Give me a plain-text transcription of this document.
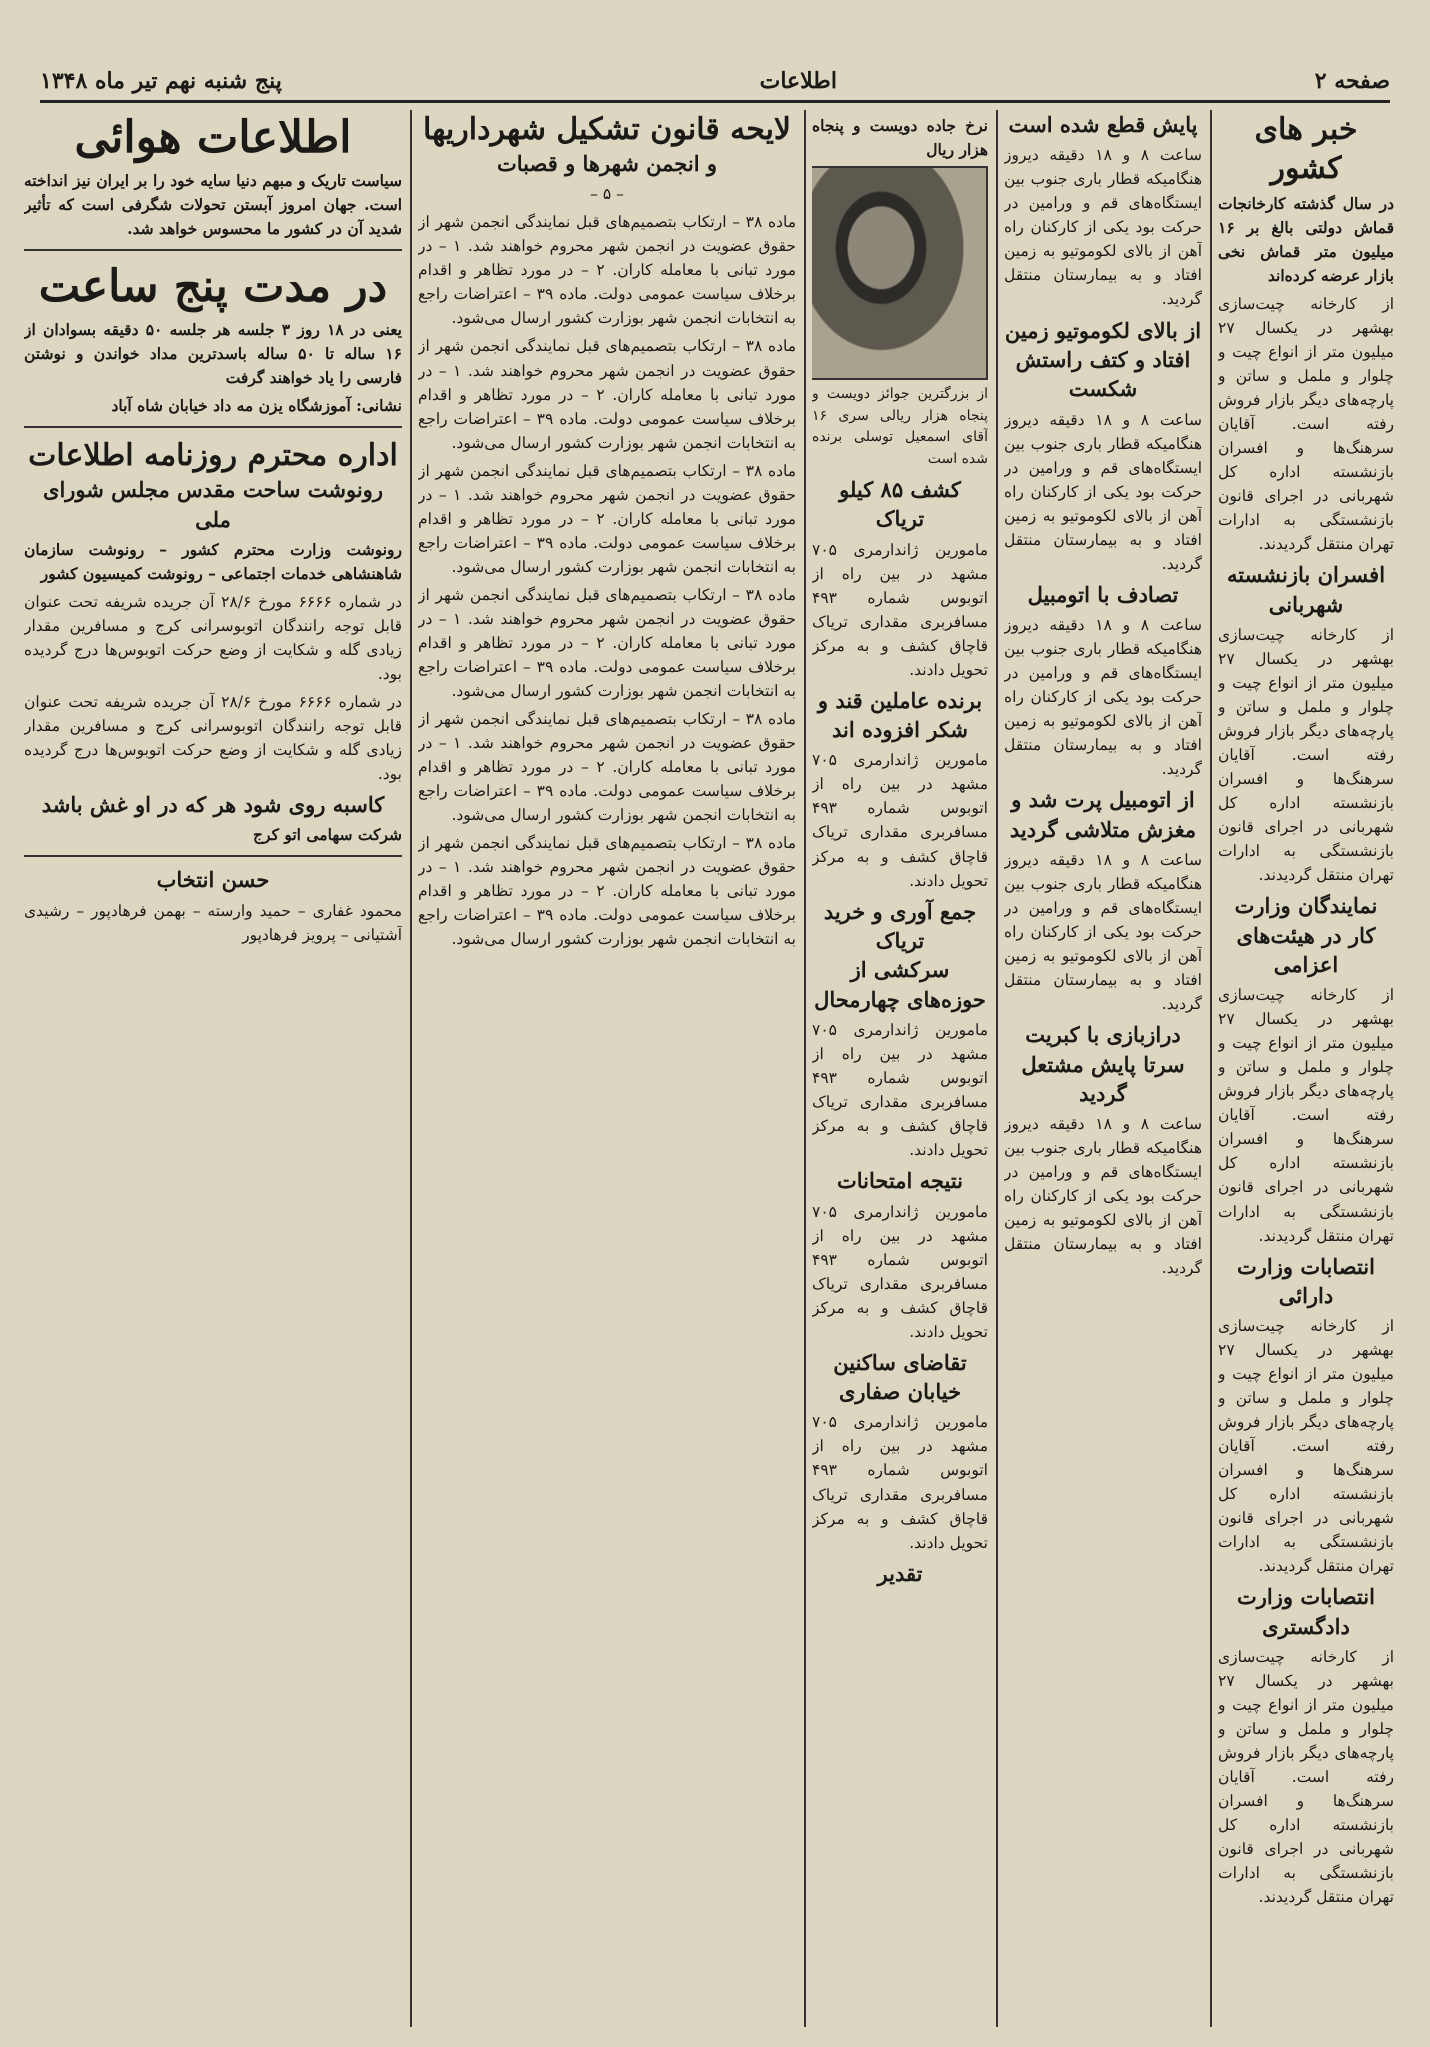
صفحه ۲
اطلاعات
پنج شنبه نهم تیر ماه ۱۳۴۸
خبر های کشور

در سال گذشته کارخانجات قماش دولتی بالغ بر ۱۶ میلیون متر قماش نخی بازار عرضه کرده‌اند

از کارخانه چیت‌سازی بهشهر در یکسال ۲۷ میلیون متر از انواع چیت و چلوار و ململ و ساتن و پارچه‌های دیگر بازار فروش رفته است. آقایان سرهنگ‌ها و افسران بازنشسته اداره کل شهربانی در اجرای قانون بازنشستگی به ادارات تهران منتقل گردیدند.

افسران بازنشسته شهربانی

از کارخانه چیت‌سازی بهشهر در یکسال ۲۷ میلیون متر از انواع چیت و چلوار و ململ و ساتن و پارچه‌های دیگر بازار فروش رفته است. آقایان سرهنگ‌ها و افسران بازنشسته اداره کل شهربانی در اجرای قانون بازنشستگی به ادارات تهران منتقل گردیدند.

نمایندگان وزارت کار در هیئت‌های اعزامی

از کارخانه چیت‌سازی بهشهر در یکسال ۲۷ میلیون متر از انواع چیت و چلوار و ململ و ساتن و پارچه‌های دیگر بازار فروش رفته است. آقایان سرهنگ‌ها و افسران بازنشسته اداره کل شهربانی در اجرای قانون بازنشستگی به ادارات تهران منتقل گردیدند.

انتصابات وزارت دارائی

از کارخانه چیت‌سازی بهشهر در یکسال ۲۷ میلیون متر از انواع چیت و چلوار و ململ و ساتن و پارچه‌های دیگر بازار فروش رفته است. آقایان سرهنگ‌ها و افسران بازنشسته اداره کل شهربانی در اجرای قانون بازنشستگی به ادارات تهران منتقل گردیدند.

انتصابات وزارت دادگستری

از کارخانه چیت‌سازی بهشهر در یکسال ۲۷ میلیون متر از انواع چیت و چلوار و ململ و ساتن و پارچه‌های دیگر بازار فروش رفته است. آقایان سرهنگ‌ها و افسران بازنشسته اداره کل شهربانی در اجرای قانون بازنشستگی به ادارات تهران منتقل گردیدند.

پایش قطع شده است

ساعت ۸ و ۱۸ دقیقه دیروز هنگامیکه قطار باری جنوب بین ایستگاه‌های قم و ورامین در حرکت بود یکی از کارکنان راه آهن از بالای لکوموتیو به زمین افتاد و به بیمارستان منتقل گردید.

از بالای لکوموتیو زمین افتاد و کتف راستش شکست

ساعت ۸ و ۱۸ دقیقه دیروز هنگامیکه قطار باری جنوب بین ایستگاه‌های قم و ورامین در حرکت بود یکی از کارکنان راه آهن از بالای لکوموتیو به زمین افتاد و به بیمارستان منتقل گردید.

تصادف با اتومبیل

ساعت ۸ و ۱۸ دقیقه دیروز هنگامیکه قطار باری جنوب بین ایستگاه‌های قم و ورامین در حرکت بود یکی از کارکنان راه آهن از بالای لکوموتیو به زمین افتاد و به بیمارستان منتقل گردید.

از اتومبیل پرت شد و مغزش متلاشی گردید

ساعت ۸ و ۱۸ دقیقه دیروز هنگامیکه قطار باری جنوب بین ایستگاه‌های قم و ورامین در حرکت بود یکی از کارکنان راه آهن از بالای لکوموتیو به زمین افتاد و به بیمارستان منتقل گردید.

درازبازی با کبریت سرتا پایش مشتعل گردید

ساعت ۸ و ۱۸ دقیقه دیروز هنگامیکه قطار باری جنوب بین ایستگاه‌های قم و ورامین در حرکت بود یکی از کارکنان راه آهن از بالای لکوموتیو به زمین افتاد و به بیمارستان منتقل گردید.

نرخ جاده دویست و پنجاه هزار ریال

از بزرگترین جوائز دویست و پنجاه هزار ریالی سری ۱۶ آقای اسمعیل توسلی برنده شده است

کشف ۸۵ کیلو تریاک

مامورین ژاندارمری ۷۰۵ مشهد در بین راه از اتوبوس شماره ۴۹۳ مسافربری مقداری تریاک قاچاق کشف و به مرکز تحویل دادند.

برنده عاملین قند و شکر افزوده اند

مامورین ژاندارمری ۷۰۵ مشهد در بین راه از اتوبوس شماره ۴۹۳ مسافربری مقداری تریاک قاچاق کشف و به مرکز تحویل دادند.

جمع آوری و خرید تریاک
سرکشی از حوزه‌های چهارمحال

مامورین ژاندارمری ۷۰۵ مشهد در بین راه از اتوبوس شماره ۴۹۳ مسافربری مقداری تریاک قاچاق کشف و به مرکز تحویل دادند.

نتیجه امتحانات

مامورین ژاندارمری ۷۰۵ مشهد در بین راه از اتوبوس شماره ۴۹۳ مسافربری مقداری تریاک قاچاق کشف و به مرکز تحویل دادند.

تقاضای ساکنین خیابان صفاری

مامورین ژاندارمری ۷۰۵ مشهد در بین راه از اتوبوس شماره ۴۹۳ مسافربری مقداری تریاک قاچاق کشف و به مرکز تحویل دادند.

تقدیر
لایحه قانون تشکیل شهرداریها
و انجمن شهرها و قصبات

– ۵ –

ماده ۳۸ – ارتکاب بتصمیم‌های قبل نمایندگی انجمن شهر از حقوق عضویت در انجمن شهر محروم خواهند شد. ۱ – در مورد تبانی با معامله کاران. ۲ – در مورد تظاهر و اقدام برخلاف سیاست عمومی دولت. ماده ۳۹ – اعتراضات راجع به انتخابات انجمن شهر بوزارت کشور ارسال می‌شود.

ماده ۳۸ – ارتکاب بتصمیم‌های قبل نمایندگی انجمن شهر از حقوق عضویت در انجمن شهر محروم خواهند شد. ۱ – در مورد تبانی با معامله کاران. ۲ – در مورد تظاهر و اقدام برخلاف سیاست عمومی دولت. ماده ۳۹ – اعتراضات راجع به انتخابات انجمن شهر بوزارت کشور ارسال می‌شود.

ماده ۳۸ – ارتکاب بتصمیم‌های قبل نمایندگی انجمن شهر از حقوق عضویت در انجمن شهر محروم خواهند شد. ۱ – در مورد تبانی با معامله کاران. ۲ – در مورد تظاهر و اقدام برخلاف سیاست عمومی دولت. ماده ۳۹ – اعتراضات راجع به انتخابات انجمن شهر بوزارت کشور ارسال می‌شود.

ماده ۳۸ – ارتکاب بتصمیم‌های قبل نمایندگی انجمن شهر از حقوق عضویت در انجمن شهر محروم خواهند شد. ۱ – در مورد تبانی با معامله کاران. ۲ – در مورد تظاهر و اقدام برخلاف سیاست عمومی دولت. ماده ۳۹ – اعتراضات راجع به انتخابات انجمن شهر بوزارت کشور ارسال می‌شود.

ماده ۳۸ – ارتکاب بتصمیم‌های قبل نمایندگی انجمن شهر از حقوق عضویت در انجمن شهر محروم خواهند شد. ۱ – در مورد تبانی با معامله کاران. ۲ – در مورد تظاهر و اقدام برخلاف سیاست عمومی دولت. ماده ۳۹ – اعتراضات راجع به انتخابات انجمن شهر بوزارت کشور ارسال می‌شود.

ماده ۳۸ – ارتکاب بتصمیم‌های قبل نمایندگی انجمن شهر از حقوق عضویت در انجمن شهر محروم خواهند شد. ۱ – در مورد تبانی با معامله کاران. ۲ – در مورد تظاهر و اقدام برخلاف سیاست عمومی دولت. ماده ۳۹ – اعتراضات راجع به انتخابات انجمن شهر بوزارت کشور ارسال می‌شود.

اطلاعات هوائی

سیاست تاریک و مبهم دنیا سایه خود را بر ایران نیز انداخته است. جهان امروز آبستن تحولات شگرفی است که تأثیر شدید آن در کشور ما محسوس خواهد شد.

در مدت پنج ساعت

یعنی در ۱۸ روز ۳ جلسه هر جلسه ۵۰ دقیقه بسوادان از ۱۶ ساله تا ۵۰ ساله باسدترین مداد خواندن و نوشتن فارسی را یاد خواهند گرفت

نشانی: آموزشگاه یزن مه داد خیابان شاه آباد

اداره محترم روزنامه اطلاعات
رونوشت ساحت مقدس مجلس شورای ملی

رونوشت وزارت محترم کشور – رونوشت سازمان شاهنشاهی خدمات اجتماعی – رونوشت کمیسیون کشور

در شماره ۶۶۶۶ مورخ ۲۸/۶ آن جریده شریفه تحت عنوان قابل توجه رانندگان اتوبوسرانی کرج و مسافرین مقدار زیادی گله و شکایت از وضع حرکت اتوبوس‌ها درج گردیده بود.

در شماره ۶۶۶۶ مورخ ۲۸/۶ آن جریده شریفه تحت عنوان قابل توجه رانندگان اتوبوسرانی کرج و مسافرین مقدار زیادی گله و شکایت از وضع حرکت اتوبوس‌ها درج گردیده بود.

کاسبه روی شود هر که در او غش باشد

شرکت سهامی اتو کرج

حسن انتخاب

محمود غفاری – حمید وارسته – بهمن فرهادپور – رشیدی آشتیانی – پرویز فرهادپور
